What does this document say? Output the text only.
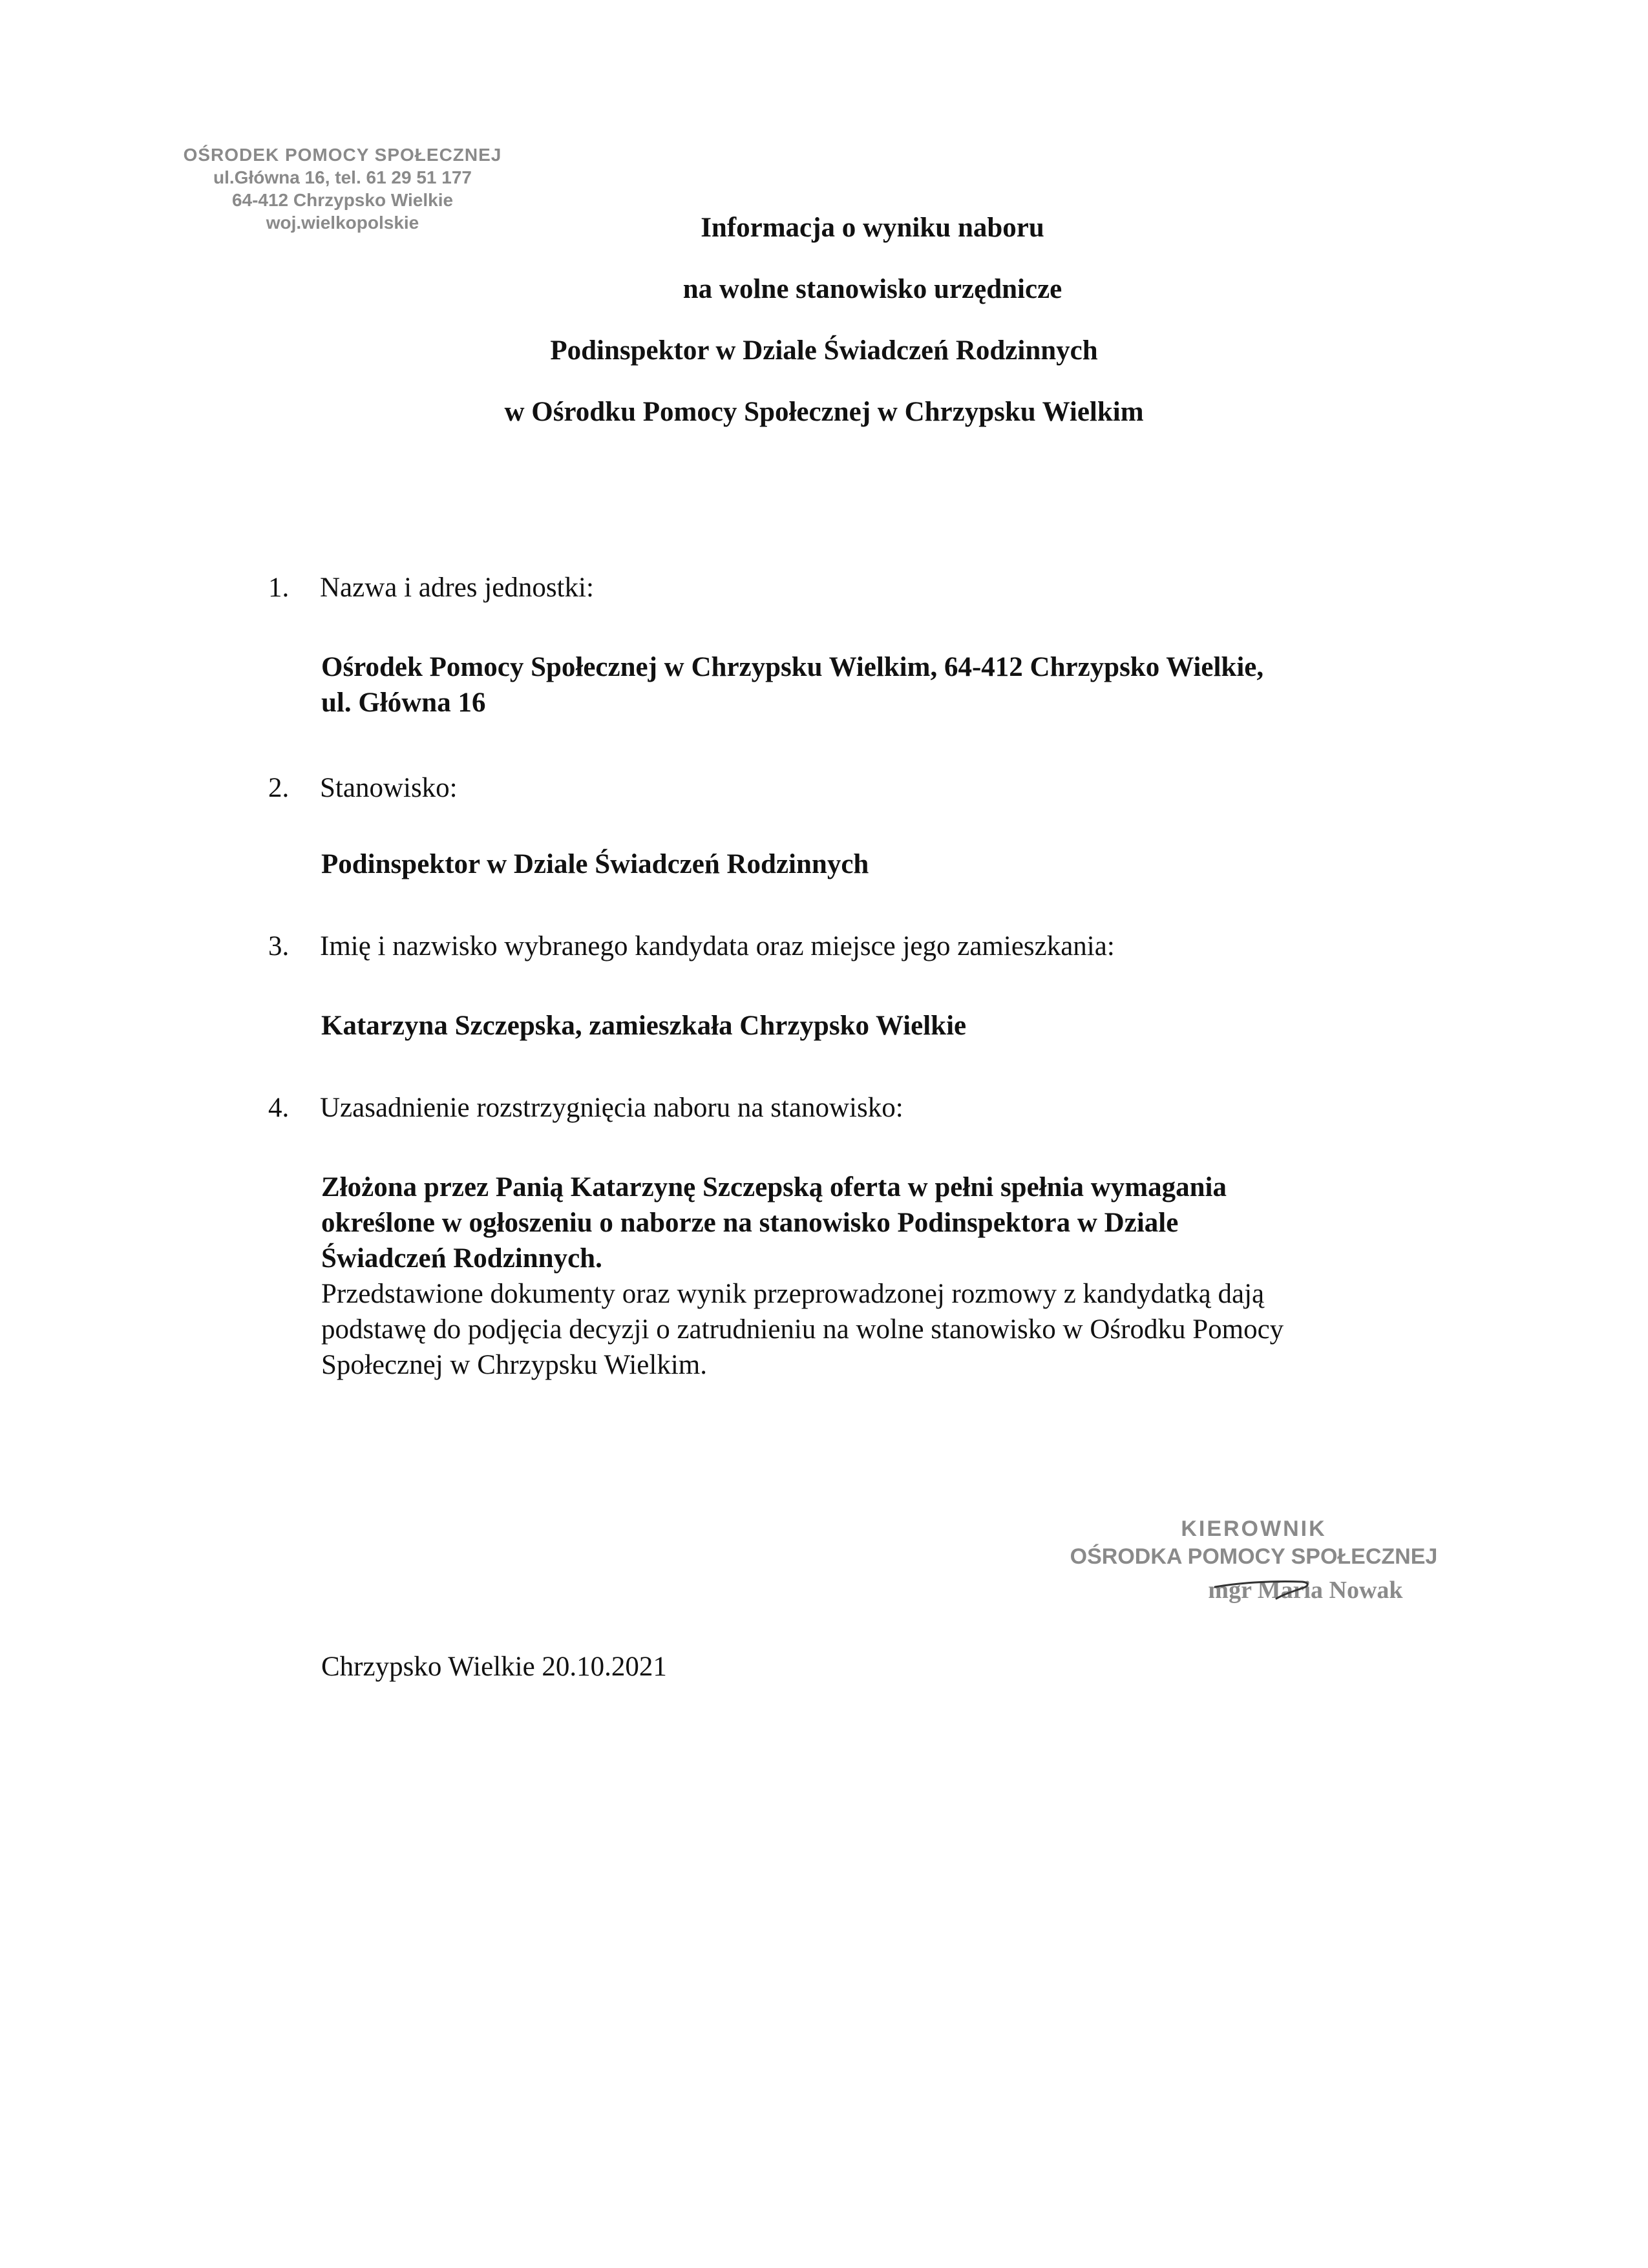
OŚRODEK POMOCY SPOŁECZNEJ
ul.Główna 16, tel. 61 29 51 177
64-412 Chrzypsko Wielkie
woj.wielkopolskie	Informacja o wyniku naboru
na wolne stanowisko urzędnicze
Podinspektor w Dziale Świadczeń Rodzinnych
w Ośrodku Pomocy Społecznej w Chrzypsku Wielkim
1. Nazwa i adres jednostki:
Ośrodek Pomocy Społecznej w Chrzypsku Wielkim, 64-412 Chrzypsko Wielkie,
ul. Główna 16
2. Stanowisko:
Podinspektor w Dziale Świadczeń Rodzinnych
3. Imię i nazwisko wybranego kandydata oraz miejsce jego zamieszkania:
Katarzyna Szczepska, zamieszkała Chrzypsko Wielkie
4. Uzasadnienie rozstrzygnięcia naboru na stanowisko:
Złożona przez Panią Katarzynę Szczepską oferta w pełni spełnia wymagania
określone w ogłoszeniu o naborze na stanowisko Podinspektora w Dziale
Świadczeń Rodzinnych.
Przedstawione dokumenty oraz wynik przeprowadzonej rozmowy z kandydatką dają
podstawę do podjęcia decyzji o zatrudnieniu na wolne stanowisko w Ośrodku Pomocy
Społecznej w Chrzypsku Wielkim.
KIEROWNIK
OŚRODKA POMOCY SPOŁECZNEJ
mgr Maria Nowak
Chrzypsko Wielkie 20.10.2021
